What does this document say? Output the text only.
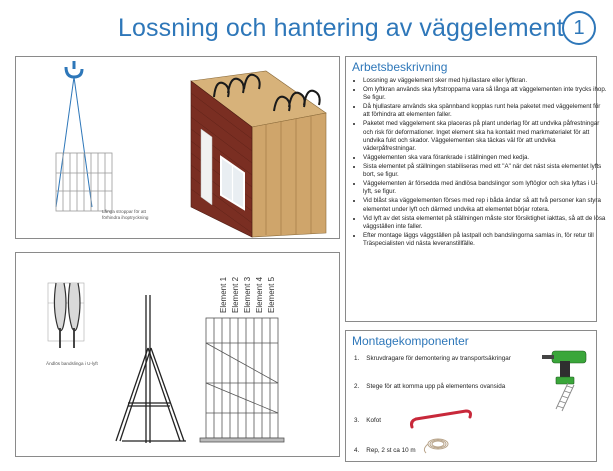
Lossning och hantering av väggelement 1
Långa stroppar för att
förhindra ihoptryckning
Ändlös bandslinga i U-lyft
Element 1 Element 2 Element 3 Element 4 Element 5
Arbetsbeskrivning
• Lossning av väggelement sker med hjullastare eller lyftkran.
• Om lyftkran används ska lyftstropparna vara så långa att väggelementen inte trycks ihop. Se figur.
• Då hjullastare används ska spännband kopplas runt hela paketet med väggelement för att förhindra att elementen faller.
• Paketet med väggelement ska placeras på plant underlag för att undvika påfrestningar och risk för deformationer. Inget element ska ha kontakt med markmaterialet för att undvika fukt och skador. Väggelementen ska täckas väl för att undvika väderpåfrestningar.
• Väggelementen ska vara förankrade i ställningen med kedja.
• Sista elementet på ställningen stabiliseras med ett "A" när det näst sista elementet lyfts bort, se figur.
• Väggelementen är försedda med ändlösa bandslingor som lyftöglor och ska lyftas i U-lyft, se figur.
• Vid blåst ska väggelementen förses med rep i båda ändar så att två personer kan styra elementet under lyft och därmed undvika att elementet börjar rotera.
• Vid lyft av det sista elementet på ställningen måste stor försiktighet iakttas, så att de lösa väggställen inte faller.
• Efter montage läggs väggställen på lastpall och bandslingorna samlas in, för retur till Träspecialisten vid nästa leveranstillfälle.
Montagekomponenter
1. Skruvdragare för demontering av transportsäkringar
2. Stege för att komma upp på elementens ovansida
3. Kofot
4. Rep, 2 st ca 10 m
